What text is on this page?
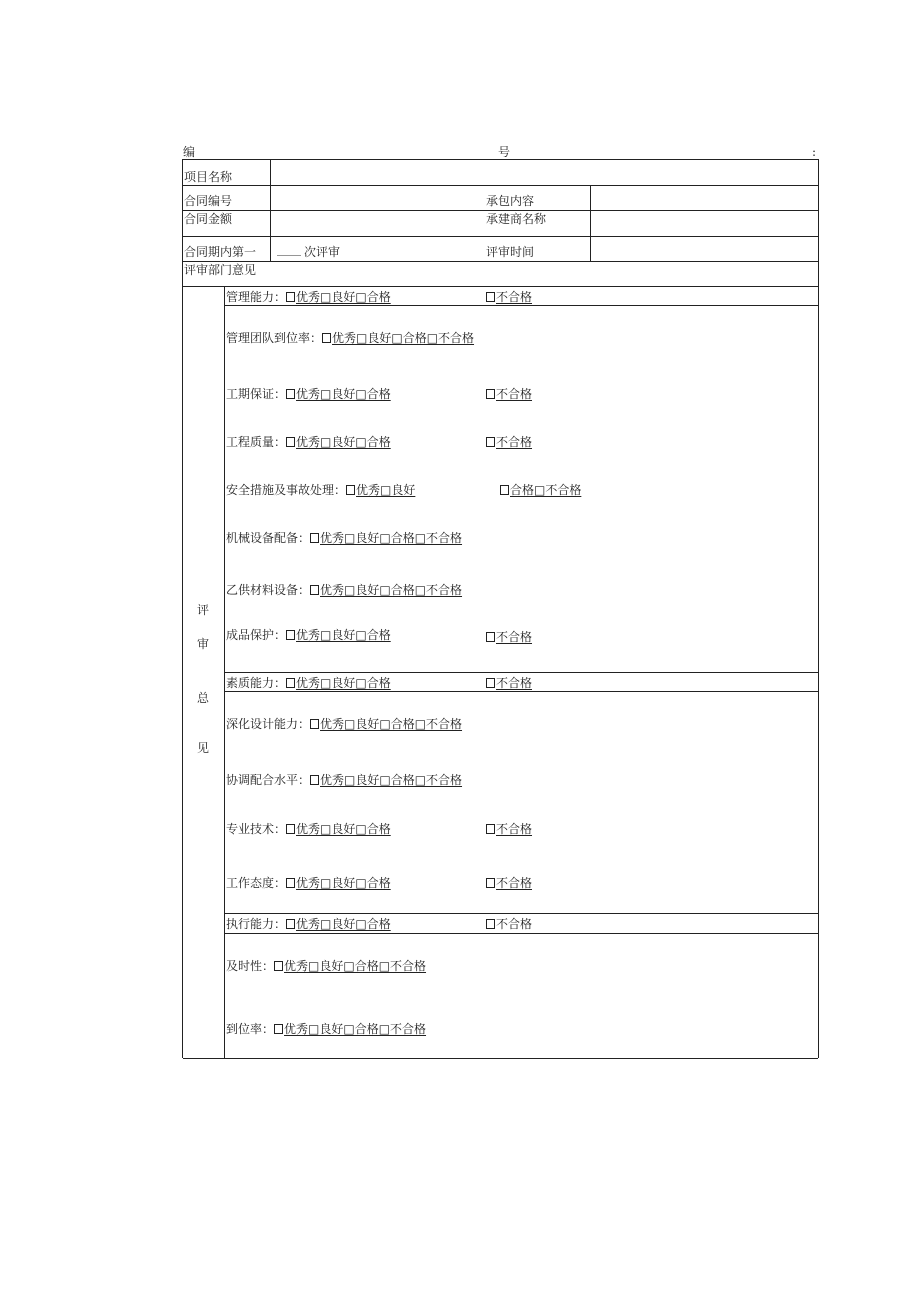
编	号	:
项目名称
合同编号	承包内容
合同金额	承建商名称
合同期内第一 ____ 次评审	评审时间
评审部门意见
评
审
总
见
管理能力： 优秀□良好□合格	不合格
管理团队到位率： 优秀□良好□合格□不合格
工期保证： 优秀□良好□合格	不合格
工程质量： 优秀□良好□合格	不合格
安全措施及事故处理： 优秀□良好	合格□不合格
机械设备配备： 优秀□良好□合格□不合格
乙供材料设备： 优秀□良好□合格□不合格
成品保护： 优秀□良好□合格	不合格
素质能力： 优秀□良好□合格	不合格
深化设计能力： 优秀□良好□合格□不合格
协调配合水平： 优秀□良好□合格□不合格
专业技术： 优秀□良好□合格	不合格
工作态度： 优秀□良好□合格	不合格
执行能力： 优秀□良好□合格	不合格
及时性： 优秀□良好□合格□不合格
到位率： 优秀□良好□合格□不合格
